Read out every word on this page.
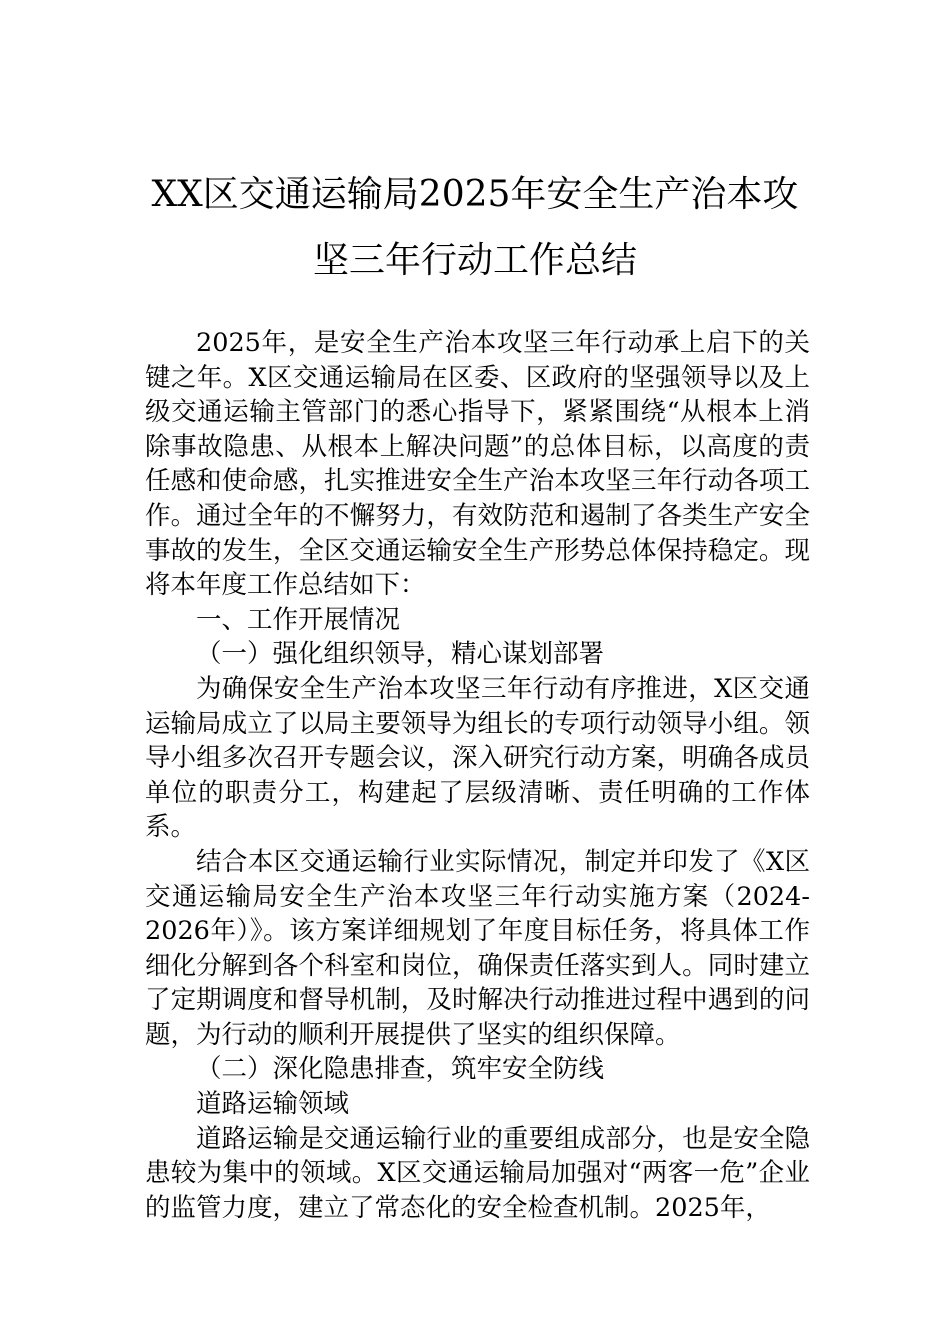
XX区交通运输局2025年安全生产治本攻
坚三年行动工作总结

2025年，是安全生产治本攻坚三年行动承上启下的关键之年。X区交通运输局在区委、区政府的坚强领导以及上级交通运输主管部门的悉心指导下，紧紧围绕“从根本上消除事故隐患、从根本上解决问题”的总体目标，以高度的责任感和使命感，扎实推进安全生产治本攻坚三年行动各项工作。通过全年的不懈努力，有效防范和遏制了各类生产安全事故的发生，全区交通运输安全生产形势总体保持稳定。现将本年度工作总结如下：

一、工作开展情况

（一）强化组织领导，精心谋划部署

为确保安全生产治本攻坚三年行动有序推进，X区交通运输局成立了以局主要领导为组长的专项行动领导小组。领导小组多次召开专题会议，深入研究行动方案，明确各成员单位的职责分工，构建起了层级清晰、责任明确的工作体系。

结合本区交通运输行业实际情况，制定并印发了《X区交通运输局安全生产治本攻坚三年行动实施方案（2024-2026年）》。该方案详细规划了年度目标任务，将具体工作细化分解到各个科室和岗位，确保责任落实到人。同时建立了定期调度和督导机制，及时解决行动推进过程中遇到的问题，为行动的顺利开展提供了坚实的组织保障。

（二）深化隐患排查，筑牢安全防线

道路运输领域

道路运输是交通运输行业的重要组成部分，也是安全隐患较为集中的领域。X区交通运输局加强对“两客一危”企业的监管力度，建立了常态化的安全检查机制。2025年，
